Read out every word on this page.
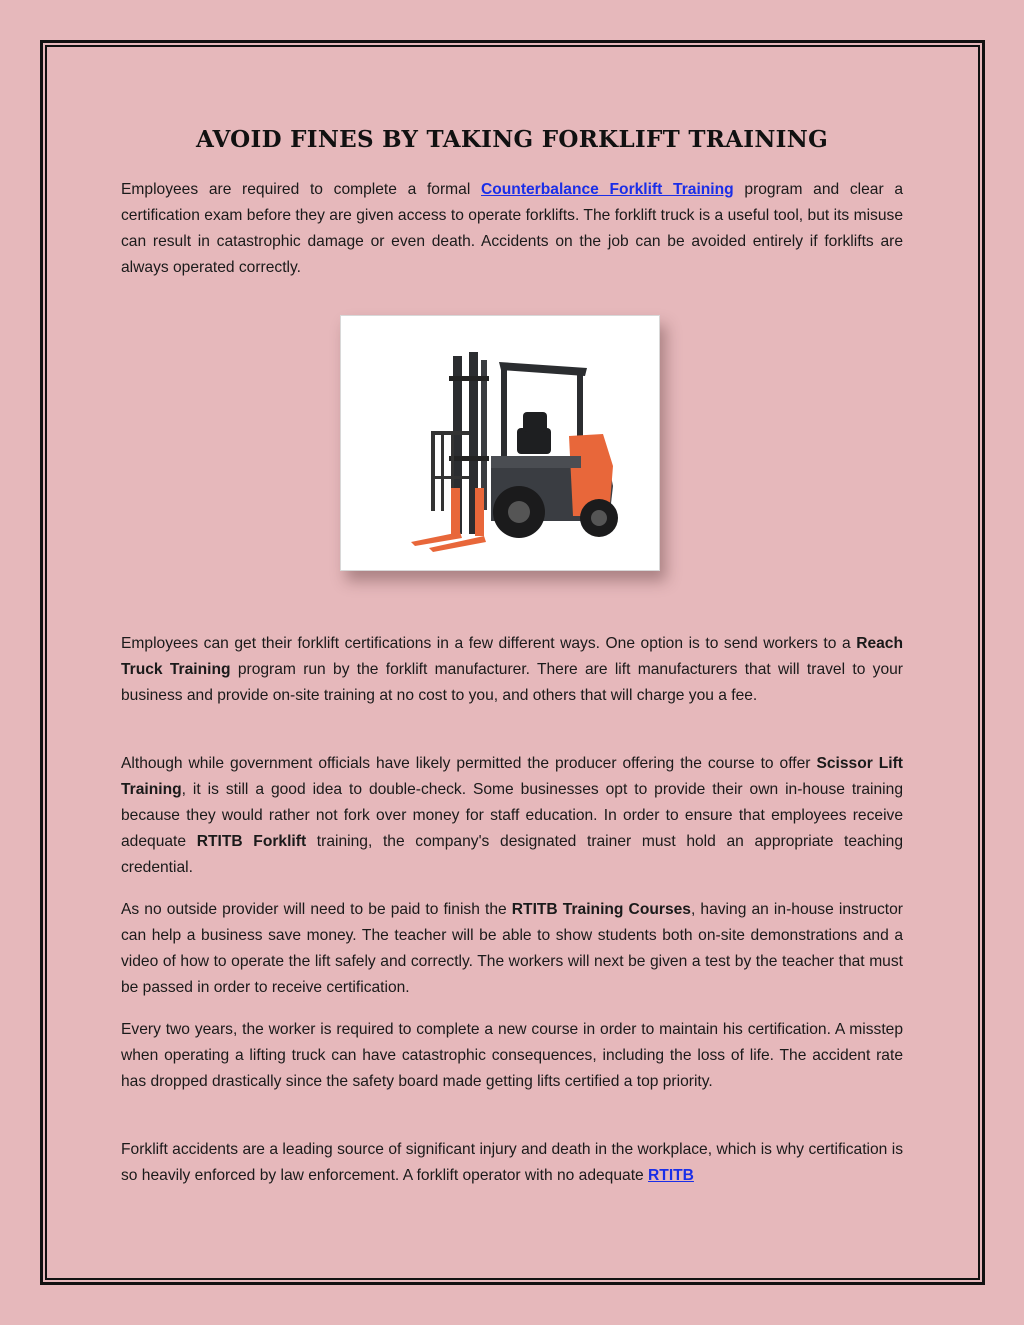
AVOID FINES BY TAKING FORKLIFT TRAINING

Employees are required to complete a formal Counterbalance Forklift Training program and clear a certification exam before they are given access to operate forklifts. The forklift truck is a useful tool, but its misuse can result in catastrophic damage or even death. Accidents on the job can be avoided entirely if forklifts are always operated correctly.

Employees can get their forklift certifications in a few different ways. One option is to send workers to a Reach Truck Training program run by the forklift manufacturer. There are lift manufacturers that will travel to your business and provide on-site training at no cost to you, and others that will charge you a fee.

Although while government officials have likely permitted the producer offering the course to offer Scissor Lift Training, it is still a good idea to double-check. Some businesses opt to provide their own in-house training because they would rather not fork over money for staff education. In order to ensure that employees receive adequate RTITB Forklift training, the company's designated trainer must hold an appropriate teaching credential.

As no outside provider will need to be paid to finish the RTITB Training Courses, having an in-house instructor can help a business save money. The teacher will be able to show students both on-site demonstrations and a video of how to operate the lift safely and correctly. The workers will next be given a test by the teacher that must be passed in order to receive certification.

Every two years, the worker is required to complete a new course in order to maintain his certification. A misstep when operating a lifting truck can have catastrophic consequences, including the loss of life. The accident rate has dropped drastically since the safety board made getting lifts certified a top priority.

Forklift accidents are a leading source of significant injury and death in the workplace, which is why certification is so heavily enforced by law enforcement. A forklift operator with no adequate RTITB
